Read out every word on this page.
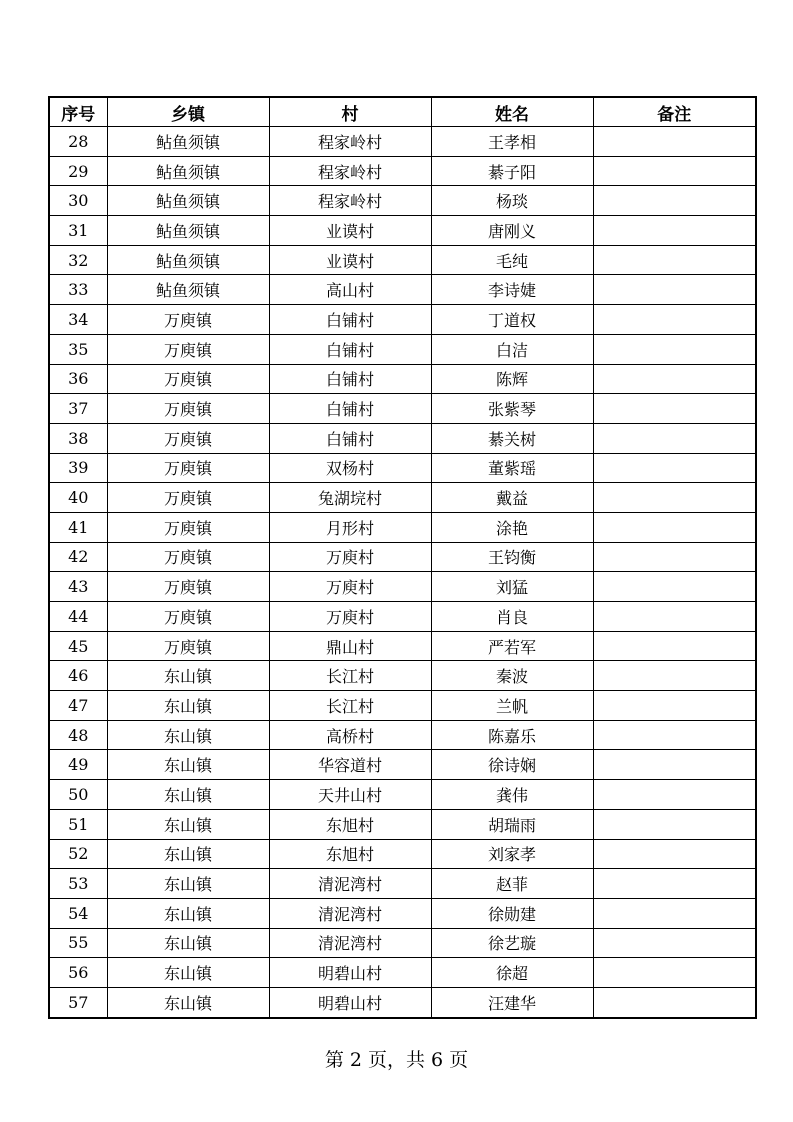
序号	乡镇	村	姓名	备注
28	鲇鱼须镇	程家岭村	王孝相	
29	鲇鱼须镇	程家岭村	綦子阳	
30	鲇鱼须镇	程家岭村	杨琰	
31	鲇鱼须镇	业谟村	唐刚义	
32	鲇鱼须镇	业谟村	毛纯	
33	鲇鱼须镇	高山村	李诗婕	
34	万庾镇	白铺村	丁道权	
35	万庾镇	白铺村	白洁	
36	万庾镇	白铺村	陈辉	
37	万庾镇	白铺村	张紫琴	
38	万庾镇	白铺村	綦关树	
39	万庾镇	双杨村	董紫瑶	
40	万庾镇	兔湖垸村	戴益	
41	万庾镇	月形村	涂艳	
42	万庾镇	万庾村	王钧衡	
43	万庾镇	万庾村	刘猛	
44	万庾镇	万庾村	肖良	
45	万庾镇	鼎山村	严若军	
46	东山镇	长江村	秦波	
47	东山镇	长江村	兰帆	
48	东山镇	高桥村	陈嘉乐	
49	东山镇	华容道村	徐诗娴	
50	东山镇	天井山村	龚伟	
51	东山镇	东旭村	胡瑞雨	
52	东山镇	东旭村	刘家孝	
53	东山镇	清泥湾村	赵菲	
54	东山镇	清泥湾村	徐勋建	
55	东山镇	清泥湾村	徐艺璇	
56	东山镇	明碧山村	徐超	
57	东山镇	明碧山村	汪建华	
第 2 页，共 6 页
